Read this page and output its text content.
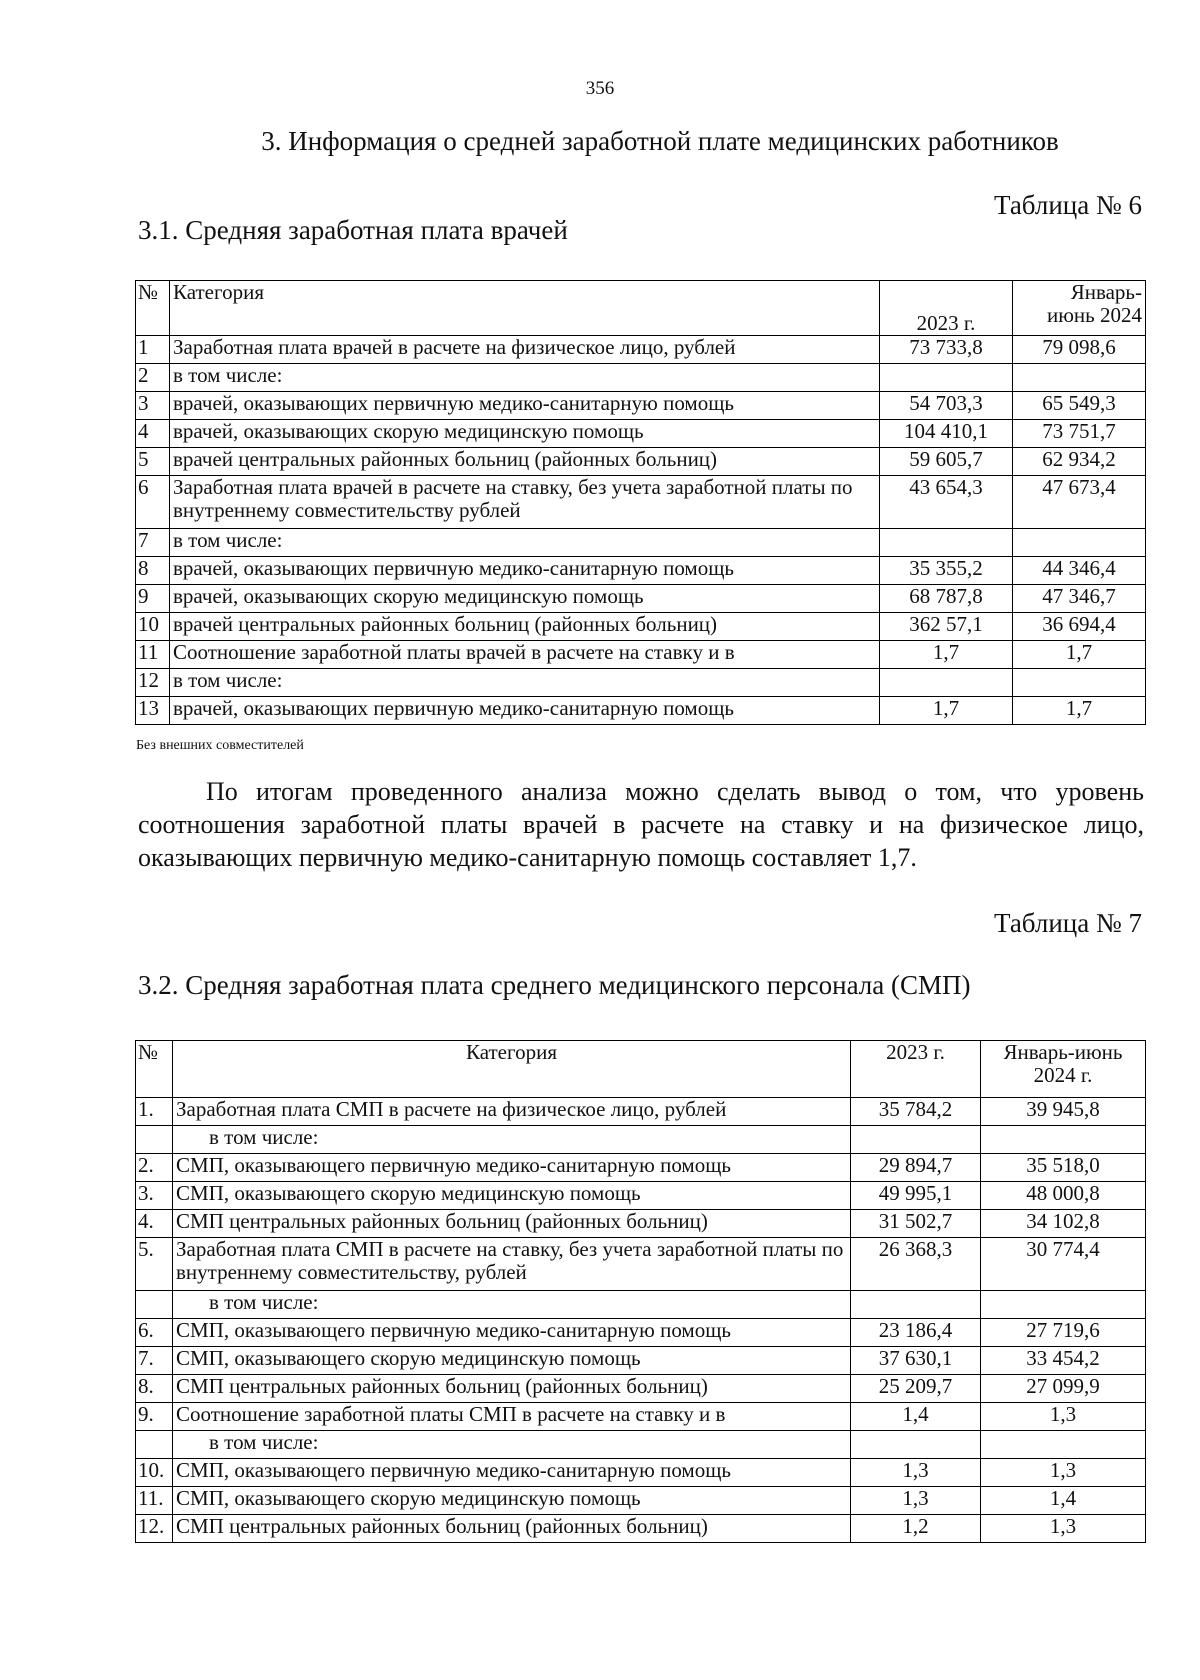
356
3. Информация о средней заработной плате медицинских работников
Таблица № 6
3.1. Средняя заработная плата врачей
№	Категория	2023 г.	Январь-
июнь 2024
1	Заработная плата врачей в расчете на физическое лицо, рублей	73 733,8	79 098,6
2	в том числе:		
3	врачей, оказывающих первичную медико-санитарную помощь	54 703,3	65 549,3
4	врачей, оказывающих скорую медицинскую помощь	104 410,1	73 751,7
5	врачей центральных районных больниц (районных больниц)	59 605,7	62 934,2
6	Заработная плата врачей в расчете на ставку, без учета заработной платы по внутреннему совместительству рублей	43 654,3	47 673,4
7	в том числе:		
8	врачей, оказывающих первичную медико-санитарную помощь	35 355,2	44 346,4
9	врачей, оказывающих скорую медицинскую помощь	68 787,8	47 346,7
10	врачей центральных районных больниц (районных больниц)	362 57,1	36 694,4
11	Соотношение заработной платы врачей в расчете на ставку и в	1,7	1,7
12	в том числе:		
13	врачей, оказывающих первичную медико-санитарную помощь	1,7	1,7
Без внешних совместителей

По итогам проведенного анализа можно сделать вывод о том, что уровень соотношения заработной платы врачей в расчете на ставку и на физическое лицо, оказывающих первичную медико-санитарную помощь составляет 1,7.

Таблица № 7
3.2. Средняя заработная плата среднего медицинского персонала (СМП)
№	Категория	2023 г.	Январь-июнь
2024 г.
1.	Заработная плата СМП в расчете на физическое лицо, рублей	35 784,2	39 945,8
	в том числе:		
2.	СМП, оказывающего первичную медико-санитарную помощь	29 894,7	35 518,0
3.	СМП, оказывающего скорую медицинскую помощь	49 995,1	48 000,8
4.	СМП центральных районных больниц (районных больниц)	31 502,7	34 102,8
5.	Заработная плата СМП в расчете на ставку, без учета заработной платы по внутреннему совместительству, рублей	26 368,3	30 774,4
	в том числе:		
6.	СМП, оказывающего первичную медико-санитарную помощь	23 186,4	27 719,6
7.	СМП, оказывающего скорую медицинскую помощь	37 630,1	33 454,2
8.	СМП центральных районных больниц (районных больниц)	25 209,7	27 099,9
9.	Соотношение заработной платы СМП в расчете на ставку и в	1,4	1,3
	в том числе:		
10.	СМП, оказывающего первичную медико-санитарную помощь	1,3	1,3
11.	СМП, оказывающего скорую медицинскую помощь	1,3	1,4
12.	СМП центральных районных больниц (районных больниц)	1,2	1,3
